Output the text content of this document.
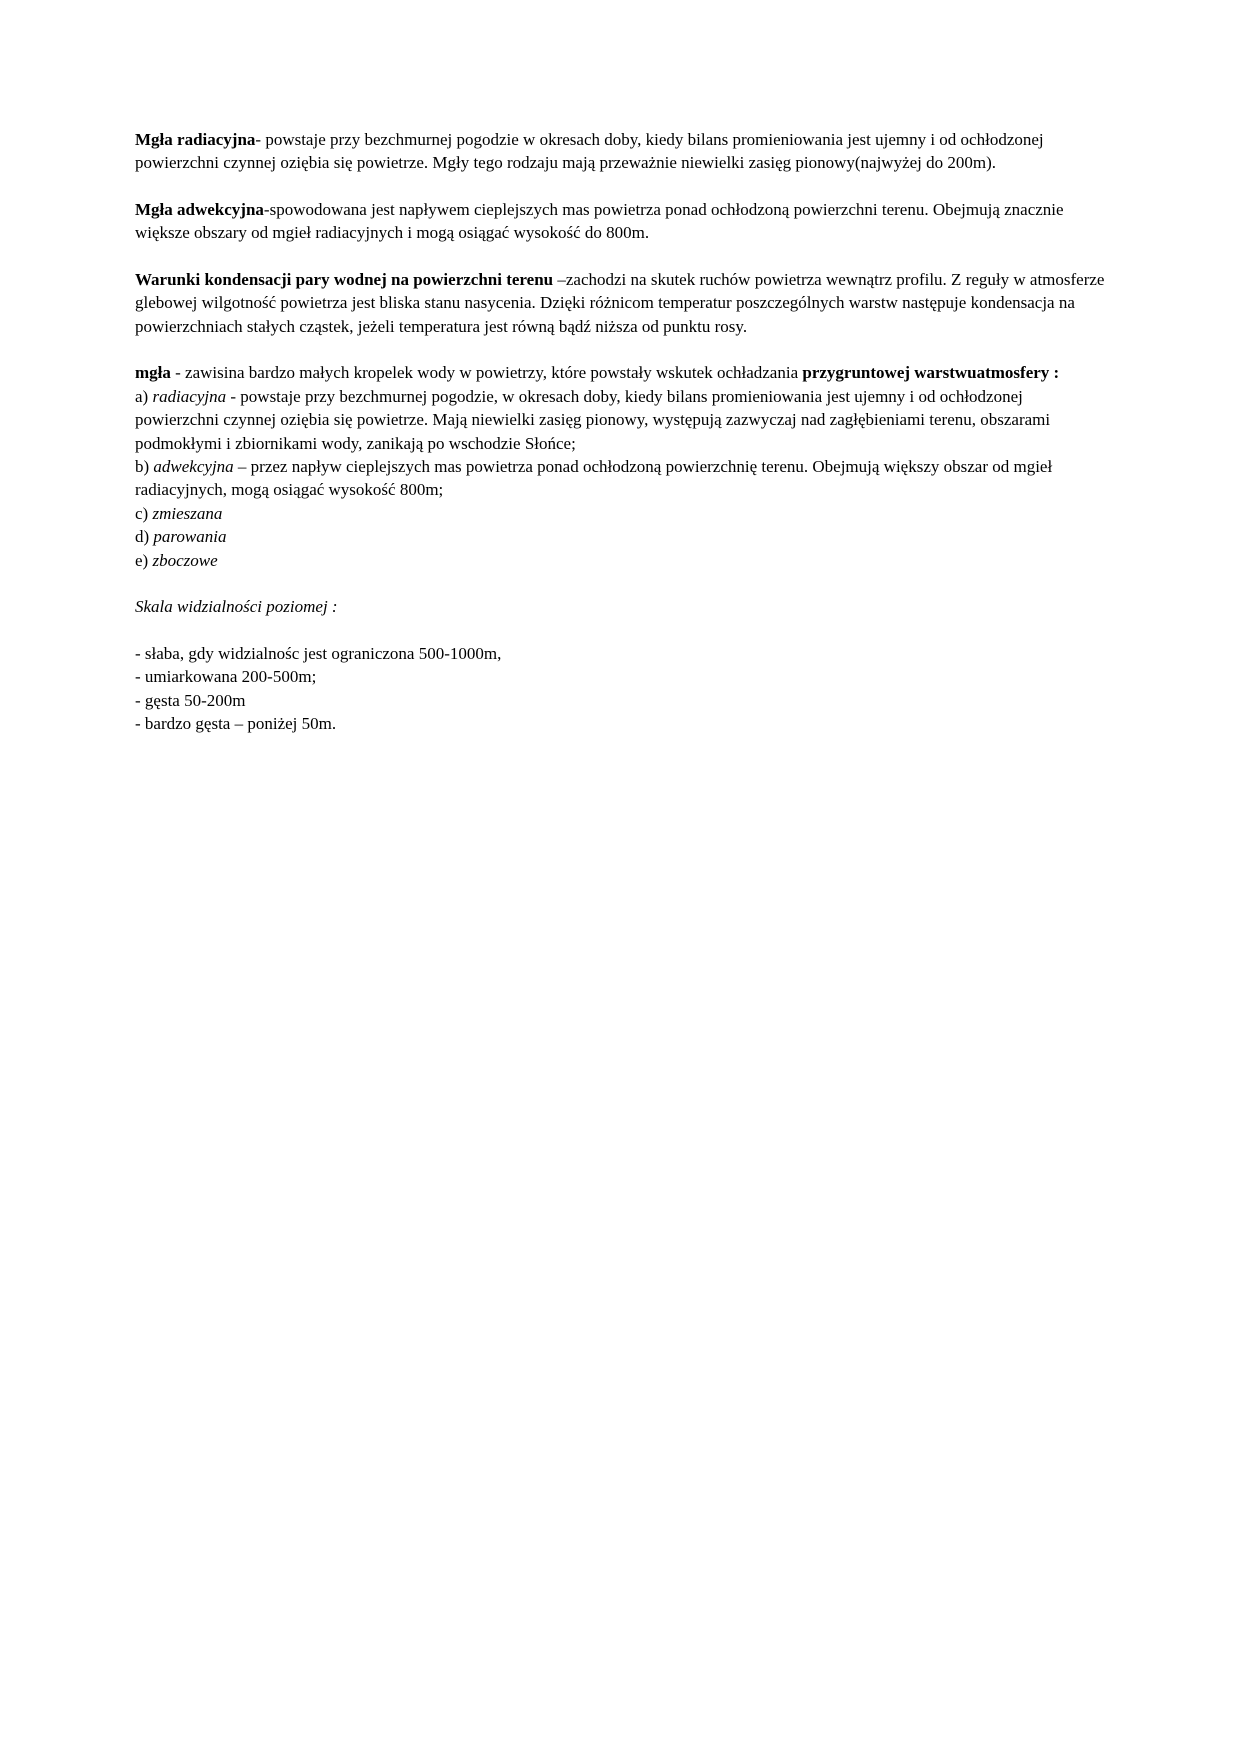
Mgła radiacyjna- powstaje przy bezchmurnej pogodzie w okresach doby, kiedy bilans promieniowania jest ujemny i od ochłodzonej powierzchni czynnej oziębia się powietrze. Mgły tego rodzaju mają przeważnie niewielki zasięg pionowy(najwyżej do 200m).
Mgła adwekcyjna-spowodowana jest napływem cieplejszych mas powietrza ponad ochłodzoną powierzchni terenu. Obejmują znacznie większe obszary od mgieł radiacyjnych i mogą osiągać wysokość do 800m.
Warunki kondensacji pary wodnej na powierzchni terenu –zachodzi na skutek ruchów powietrza wewnątrz profilu. Z reguły w atmosferze glebowej wilgotność powietrza jest bliska stanu nasycenia. Dzięki różnicom temperatur poszczególnych warstw następuje kondensacja na powierzchniach stałych cząstek, jeżeli temperatura jest równą bądź niższa od punktu rosy.
mgła - zawisina bardzo małych kropelek wody w powietrzy, które powstały wskutek ochładzania przygruntowej warstwuatmosfery :
a) radiacyjna - powstaje przy bezchmurnej pogodzie, w okresach doby, kiedy bilans promieniowania jest ujemny i od ochłodzonej powierzchni czynnej oziębia się powietrze. Mają niewielki zasięg pionowy, występują zazwyczaj nad zagłębieniami terenu, obszarami podmokłymi i zbiornikami wody, zanikają po wschodzie Słońce;
b) adwekcyjna – przez napływ cieplejszych mas powietrza ponad ochłodzoną powierzchnię terenu. Obejmują większy obszar od mgieł radiacyjnych, mogą osiągać wysokość 800m;
c) zmieszana
d) parowania
e) zboczowe
Skala widzialności poziomej :
- słaba, gdy widzialnośc jest ograniczona 500-1000m,
- umiarkowana 200-500m;
- gęsta 50-200m
- bardzo gęsta – poniżej 50m.
